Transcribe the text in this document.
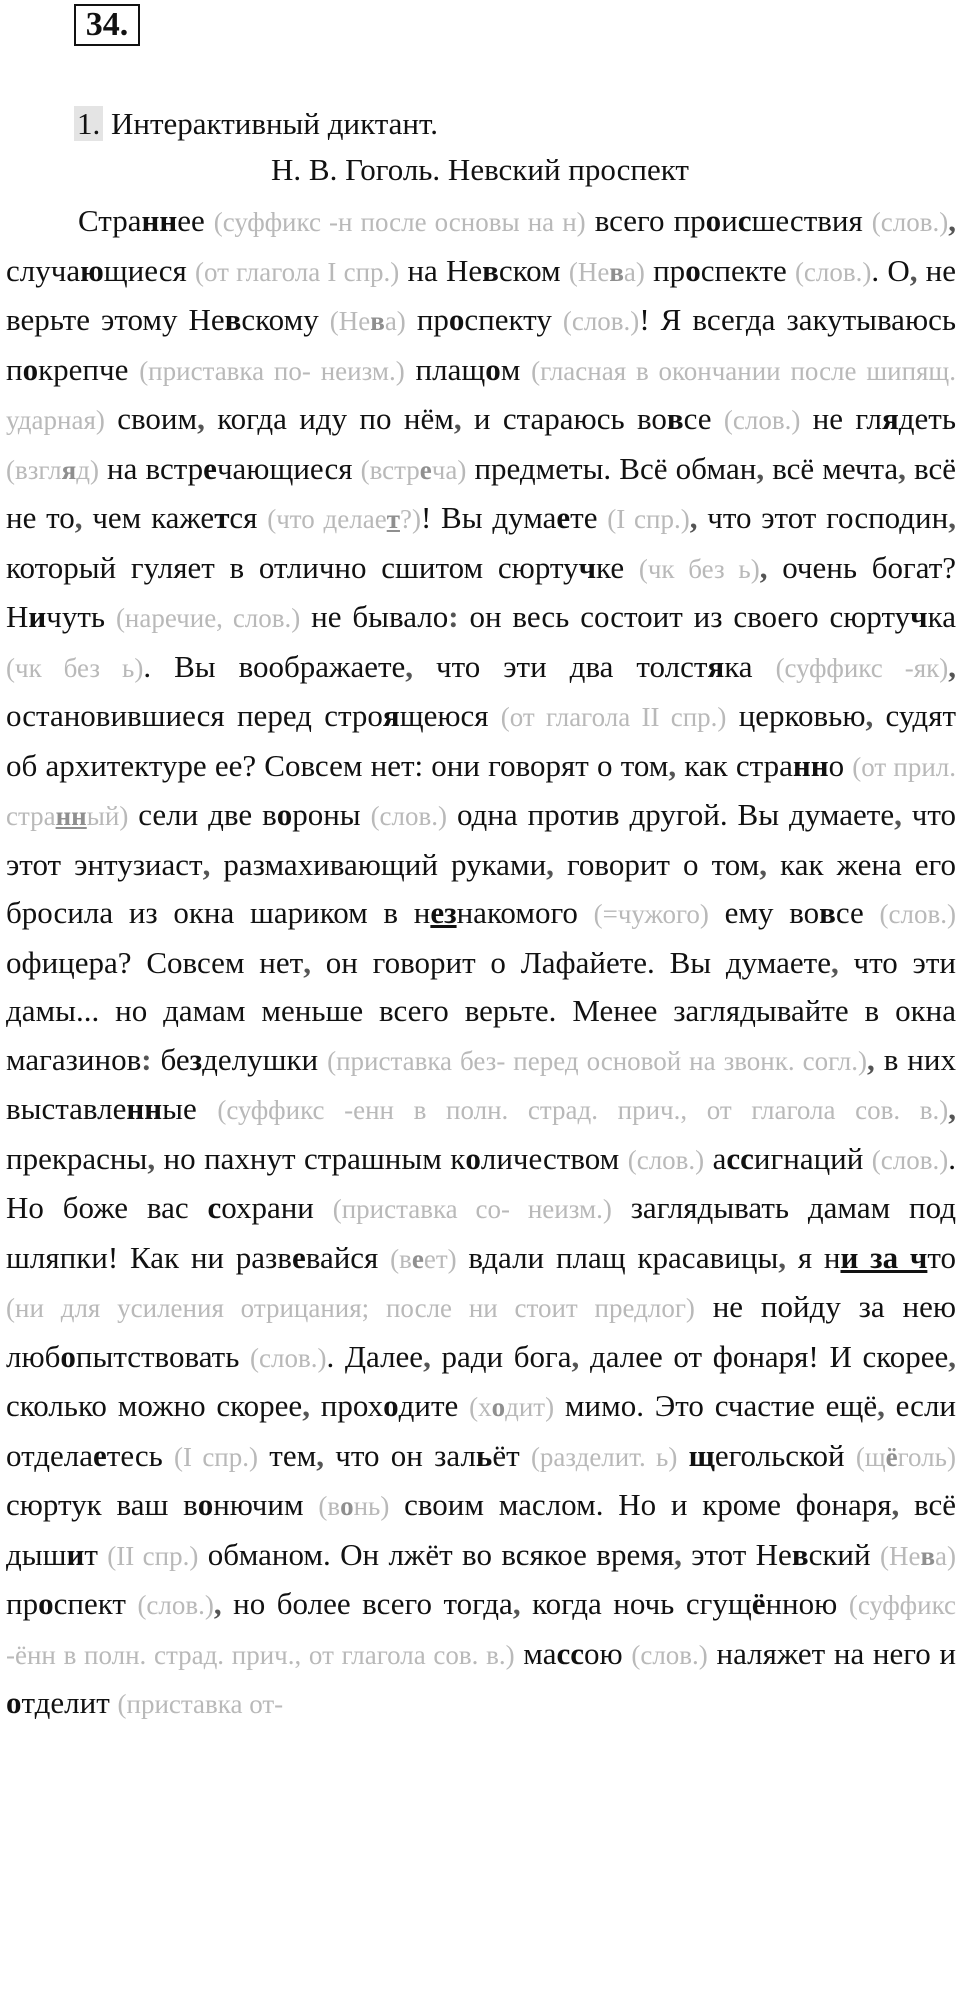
34.
1. Интерактивный диктант.
Н. В. Гоголь. Невский проспект
Страннее (суффикс -н после основы на н) всего происшествия (слов.), случающиеся (от глагола I спр.) на Невском (Нева) проспекте (слов.). О, не верьте этому Невскому (Нева) проспекту (слов.)! Я всегда закутываюсь покрепче (приставка по- неизм.) плащом (гласная в окончании после шипящ. ударная) своим, когда иду по нём, и стараюсь вовсе (слов.) не глядеть (взгляд) на встречающиеся (встреча) предметы. Всё обман, всё мечта, всё не то, чем кажется (что делает?)! Вы думаете (I спр.), что этот господин, который гуляет в отлично сшитом сюртучке (чк без ь), очень богат? Ничуть (наречие, слов.) не бывало: он весь состоит из своего сюртучка (чк без ь). Вы воображаете, что эти два толстяка (суффикс -як), остановившиеся перед строящеюся (от глагола II спр.) церковью, судят об архитектуре ее? Совсем нет: они говорят о том, как странно (от прил. странный) сели две вороны (слов.) одна против другой. Вы думаете, что этот энтузиаст, размахивающий руками, говорит о том, как жена его бросила из окна шариком в незнакомого (=чужого) ему вовсе (слов.) офицера? Совсем нет, он говорит о Лафайете. Вы думаете, что эти дамы... но дамам меньше всего верьте. Менее заглядывайте в окна магазинов: безделушки (приставка без- перед основой на звонк. согл.), в них выставленные (суффикс -енн в полн. страд. прич., от глагола сов. в.), прекрасны, но пахнут страшным количеством (слов.) ассигнаций (слов.). Но боже вас сохрани (приставка со- неизм.) заглядывать дамам под шляпки! Как ни развевайся (веет) вдали плащ красавицы, я ни за что (ни для усиления отрицания; после ни стоит предлог) не пойду за нею любопытствовать (слов.). Далее, ради бога, далее от фонаря! И скорее, сколько можно скорее, проходите (ходит) мимо. Это счастие ещё, если отделаетесь (I спр.) тем, что он зальёт (разделит. ь) щегольской (щёголь) сюртук ваш вонючим (вонь) своим маслом. Но и кроме фонаря, всё дышит (II спр.) обманом. Он лжёт во всякое время, этот Невский (Нева) проспект (слов.), но более всего тогда, когда ночь сгущённою (суффикс -ённ в полн. страд. прич., от глагола сов. в.) массою (слов.) наляжет на него и отделит (приставка от-
